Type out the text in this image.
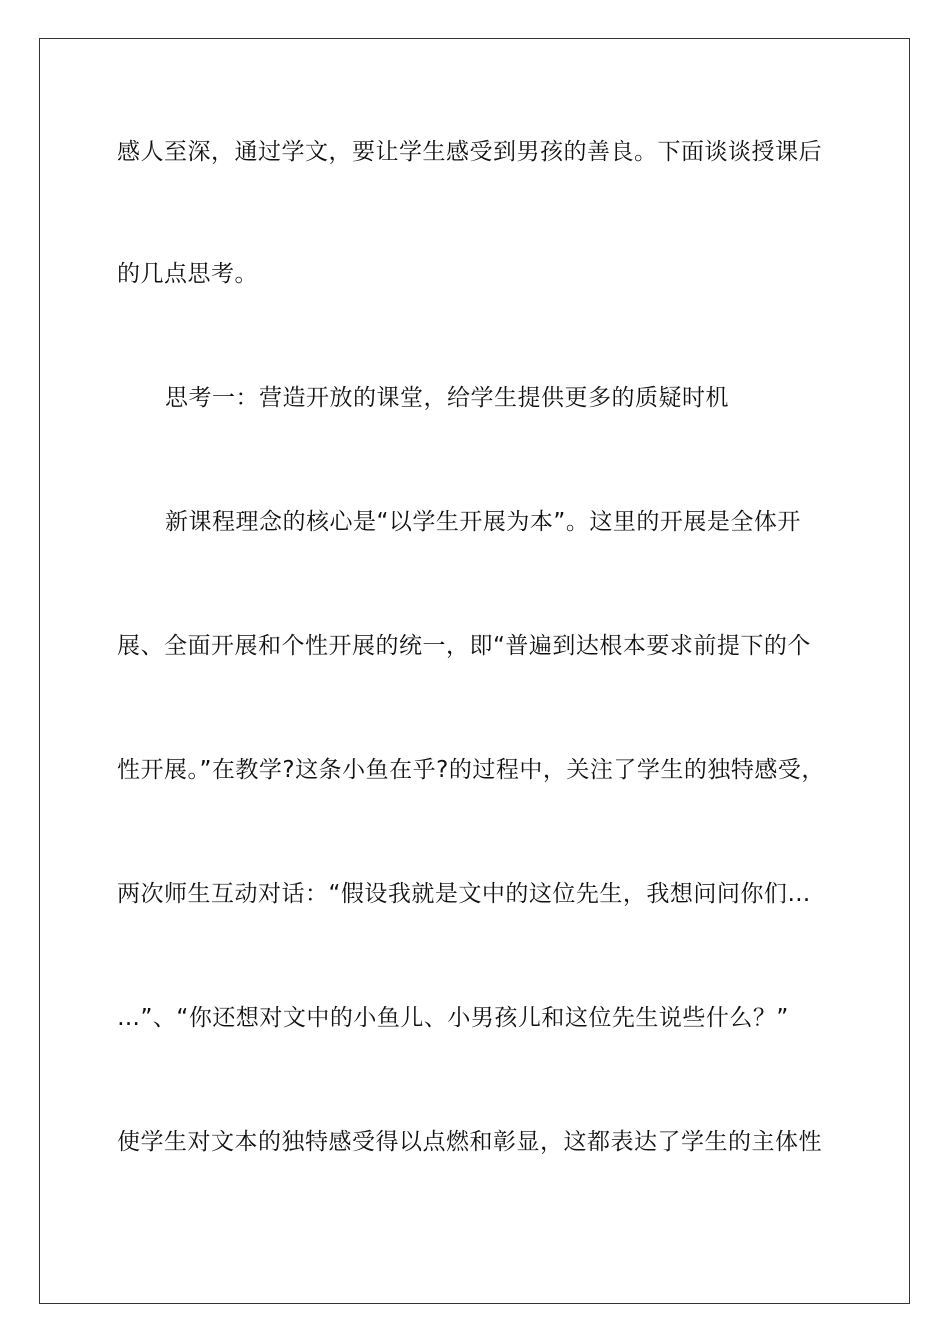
感人至深，通过学文，要让学生感受到男孩的善良。下面谈谈授课后
的几点思考。
思考一：营造开放的课堂，给学生提供更多的质疑时机
新课程理念的核心是“以学生开展为本”。这里的开展是全体开
展、全面开展和个性开展的统一，即“普遍到达根本要求前提下的个
性开展。”在教学?这条小鱼在乎?的过程中，关注了学生的独特感受，
两次师生互动对话：“假设我就是文中的这位先生，我想问问你们…
…”、“你还想对文中的小鱼儿、小男孩儿和这位先生说些什么？”
使学生对文本的独特感受得以点燃和彰显，这都表达了学生的主体性
